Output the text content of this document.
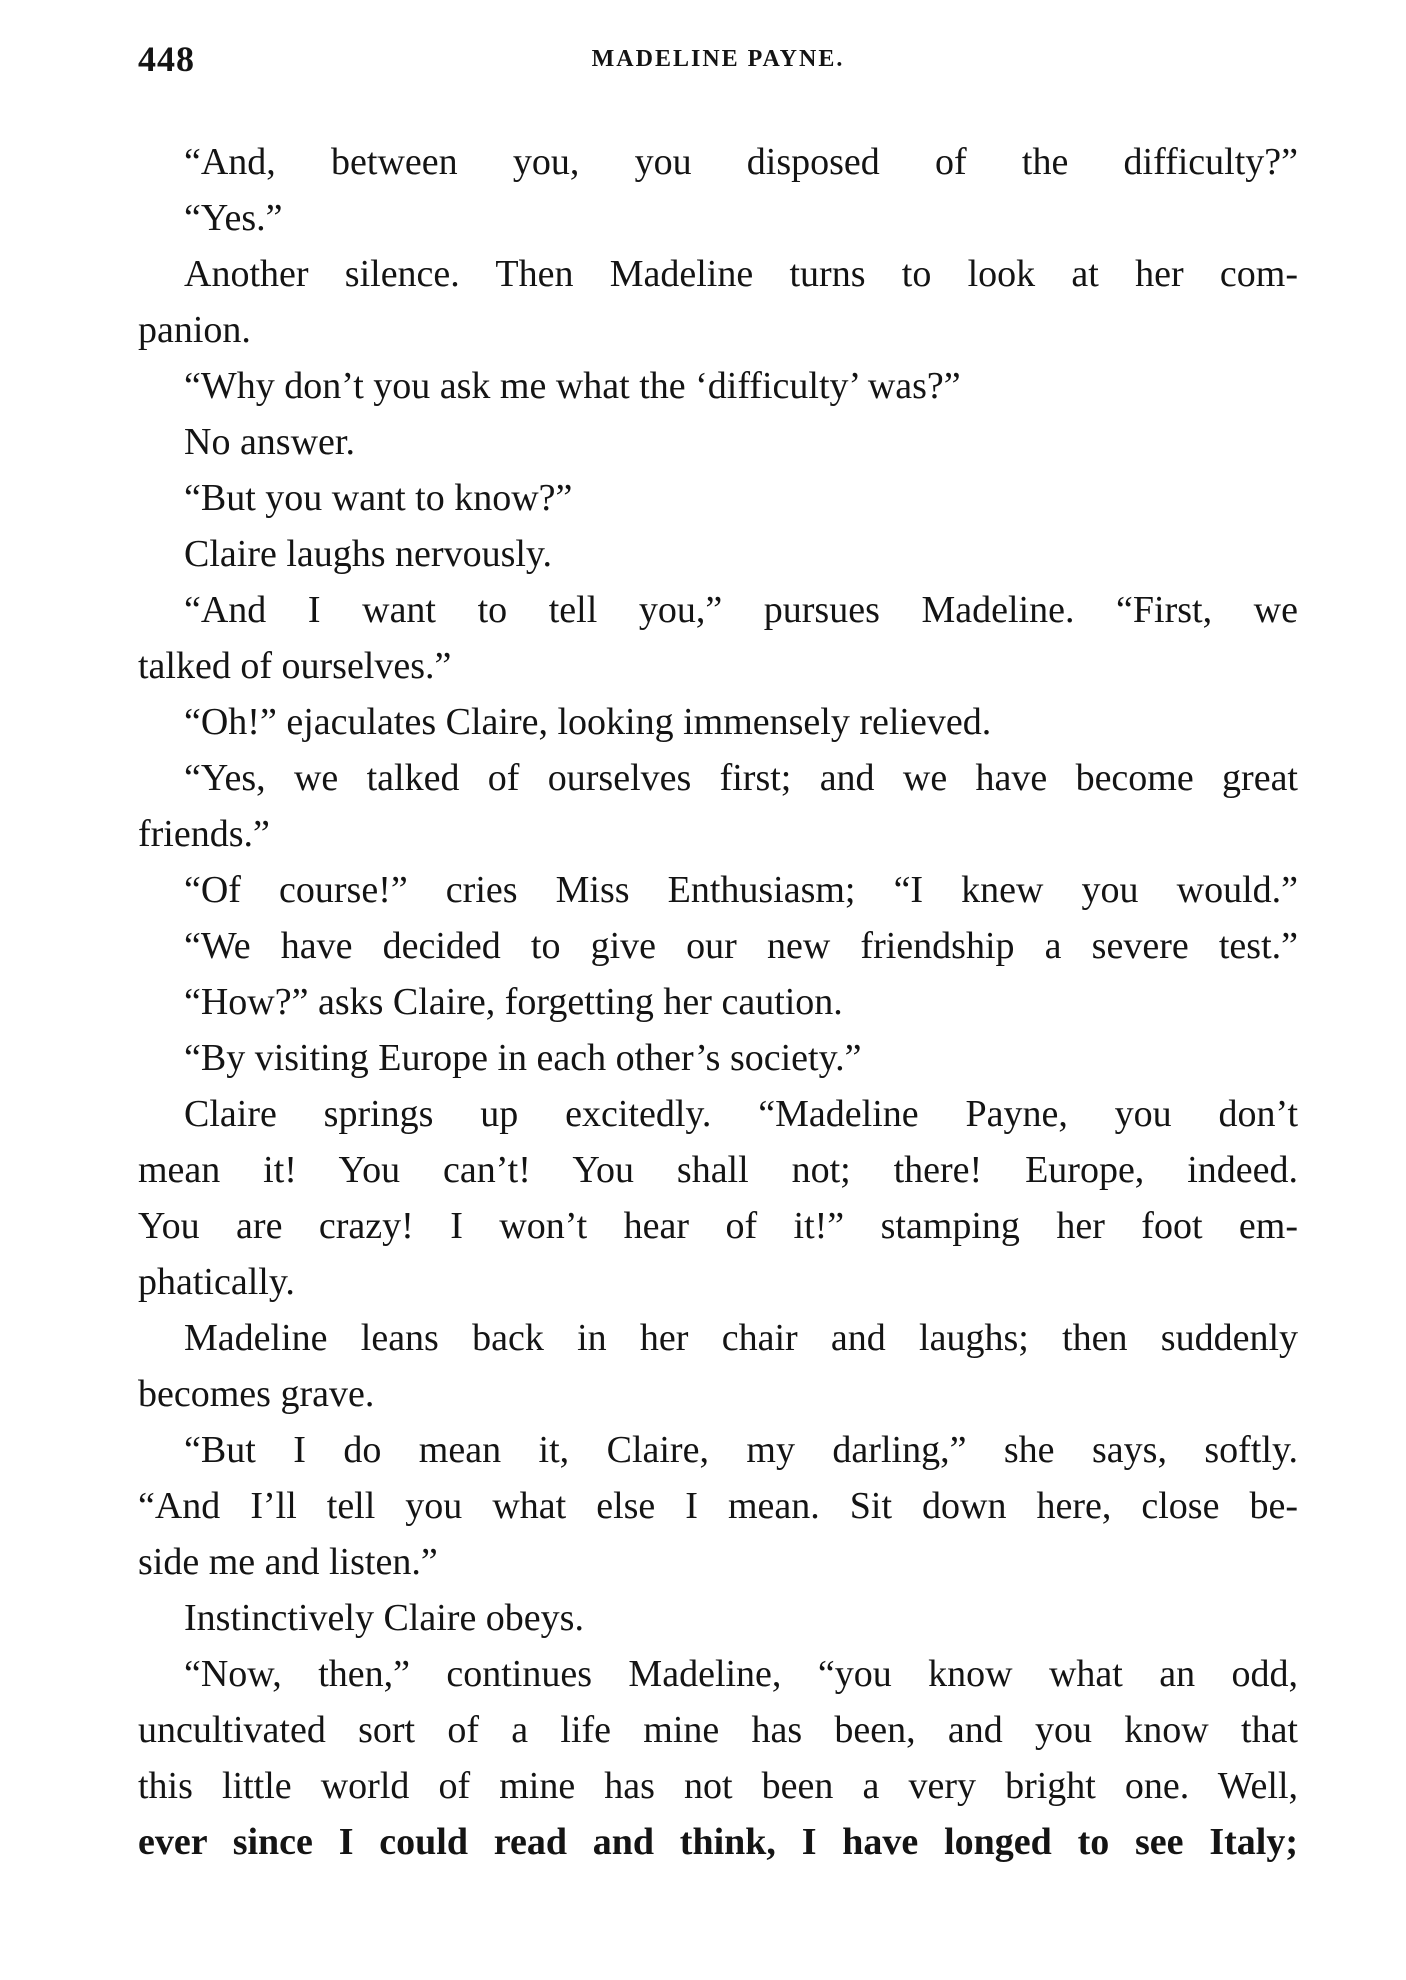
448	MADELINE PAYNE.
“And, between you, you disposed of the difficulty?”
“Yes.”
Another silence. Then Madeline turns to look at her com-
panion.
“Why don’t you ask me what the ‘difficulty’ was?”
No answer.
“But you want to know?”
Claire laughs nervously.
“And I want to tell you,” pursues Madeline. “First, we
talked of ourselves.”
“Oh!” ejaculates Claire, looking immensely relieved.
“Yes, we talked of ourselves first; and we have become great
friends.”
“Of course!” cries Miss Enthusiasm; “I knew you would.”
“We have decided to give our new friendship a severe test.”
“How?” asks Claire, forgetting her caution.
“By visiting Europe in each other’s society.”
Claire springs up excitedly. “Madeline Payne, you don’t
mean it! You can’t! You shall not; there! Europe, indeed.
You are crazy! I won’t hear of it!” stamping her foot em-
phatically.
Madeline leans back in her chair and laughs; then suddenly
becomes grave.
“But I do mean it, Claire, my darling,” she says, softly.
“And I’ll tell you what else I mean. Sit down here, close be-
side me and listen.”
Instinctively Claire obeys.
“Now, then,” continues Madeline, “you know what an odd,
uncultivated sort of a life mine has been, and you know that
this little world of mine has not been a very bright one. Well,
ever since I could read and think, I have longed to see Italy;
